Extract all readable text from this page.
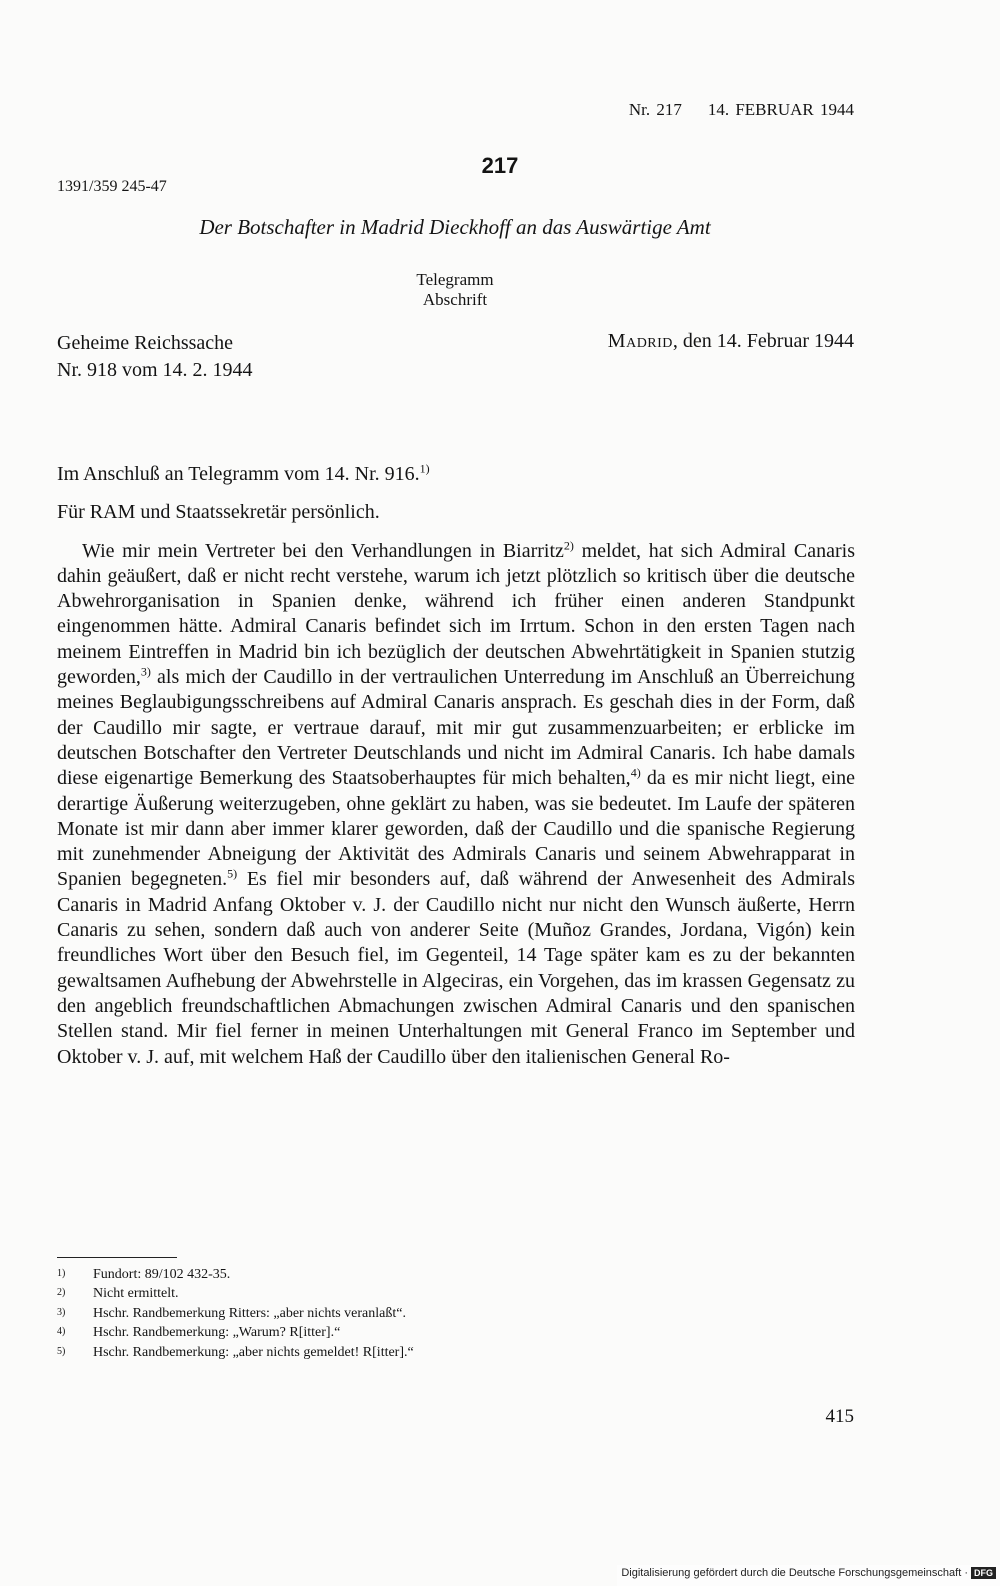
Nr. 217 14. FEBRUAR 1944
217
1391/359 245-47
Der Botschafter in Madrid Dieckhoff an das Auswärtige Amt
Telegramm
Abschrift
Geheime Reichssache
Nr. 918 vom 14. 2. 1944
Madrid, den 14. Februar 1944

Im Anschluß an Telegramm vom 14. Nr. 916.$^{1)}$

Für RAM und Staatssekretär persönlich.

Wie mir mein Vertreter bei den Verhandlungen in Biarritz$^{2)}$ meldet, hat sich Admiral Canaris dahin geäußert, daß er nicht recht verstehe, warum ich jetzt plötzlich so kritisch über die deutsche Abwehrorganisation in Spanien denke, während ich früher einen anderen Standpunkt eingenommen hätte. Admiral Canaris befindet sich im Irrtum. Schon in den ersten Tagen nach meinem Eintreffen in Madrid bin ich bezüglich der deutschen Abwehrtätigkeit in Spanien stutzig geworden,$^{3)}$ als mich der Caudillo in der vertraulichen Unterredung im Anschluß an Überreichung meines Beglaubigungsschreibens auf Admiral Canaris ansprach. Es geschah dies in der Form, daß der Caudillo mir sagte, er vertraue darauf, mit mir gut zusammenzuarbeiten; er erblicke im deutschen Botschafter den Vertreter Deutschlands und nicht im Admiral Canaris. Ich habe damals diese eigenartige Bemerkung des Staatsoberhauptes für mich behalten,$^{4)}$ da es mir nicht liegt, eine derartige Äußerung weiterzugeben, ohne geklärt zu haben, was sie bedeutet. Im Laufe der späteren Monate ist mir dann aber immer klarer geworden, daß der Caudillo und die spanische Regierung mit zunehmender Abneigung der Aktivität des Admirals Canaris und seinem Abwehrapparat in Spanien begegneten.$^{5)}$ Es fiel mir besonders auf, daß während der Anwesenheit des Admirals Canaris in Madrid Anfang Oktober v. J. der Caudillo nicht nur nicht den Wunsch äußerte, Herrn Canaris zu sehen, sondern daß auch von anderer Seite (Muñoz Grandes, Jordana, Vigón) kein freundliches Wort über den Besuch fiel, im Gegenteil, 14 Tage später kam es zu der bekannten gewaltsamen Aufhebung der Abwehrstelle in Algeciras, ein Vorgehen, das im krassen Gegensatz zu den angeblich freundschaftlichen Abmachungen zwischen Admiral Canaris und den spanischen Stellen stand. Mir fiel ferner in meinen Unterhaltungen mit General Franco im September und Oktober v. J. auf, mit welchem Haß der Caudillo über den italienischen General Ro-

1) Fundort: 89/102 432-35.
2) Nicht ermittelt.
3) Hschr. Randbemerkung Ritters: „aber nichts veranlaßt“.
4) Hschr. Randbemerkung: „Warum? R[itter].“
5) Hschr. Randbemerkung: „aber nichts gemeldet! R[itter].“
415
Digitalisierung gefördert durch die Deutsche Forschungsgemeinschaft · DFG
